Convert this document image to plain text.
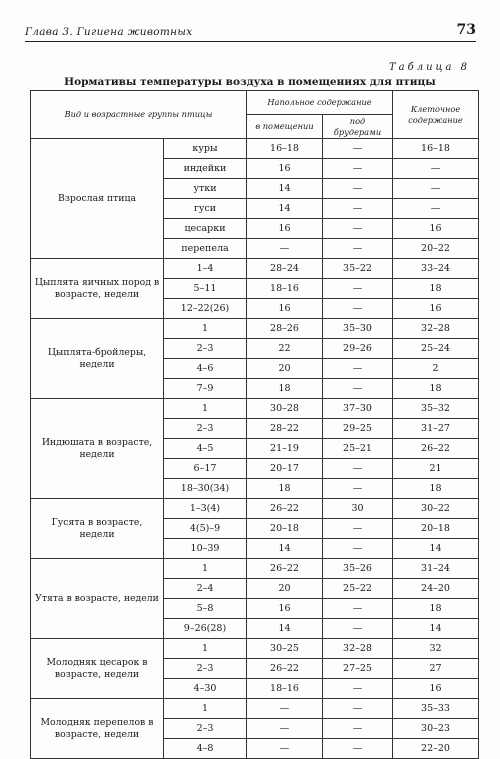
Глава 3. Гигиена животных	73
Таблица 8
Нормативы температуры воздуха в помещениях для птицы
Вид и возрастные группы птицы		Напольное содержание		Клеточное содержание
		в помещении	под брудерами	
Взрослая птица	куры	16–18	—	16–18
	индейки	16	—	—
	утки	14	—	—
	гуси	14	—	—
	цесарки	16	—	16
	перепела	—	—	20–22
Цыплята яичных пород в возрасте, недели	1–4	28–24	35–22	33–24
	5–11	18–16	—	18
	12–22(26)	16	—	16
Цыплята-бройлеры, недели	1	28–26	35–30	32–28
	2–3	22	29–26	25–24
	4–6	20	—	2
	7–9	18	—	18
Индюшата в возрасте, недели	1	30–28	37–30	35–32
	2–3	28–22	29–25	31–27
	4–5	21–19	25–21	26–22
	6–17	20–17	—	21
	18–30(34)	18	—	18
Гусята в возрасте, недели	1–3(4)	26–22	30	30–22
	4(5)–9	20–18	—	20–18
	10–39	14	—	14
Утята в возрасте, недели	1	26–22	35–26	31–24
	2–4	20	25–22	24–20
	5–8	16	—	18
	9–26(28)	14	—	14
Молодняк цесарок в возрасте, недели	1	30–25	32–28	32
	2–3	26–22	27–25	27
	4–30	18–16	—	16
Молодняк перепелов в возрасте, недели	1	—	—	35–33
	2–3	—	—	30–23
	4–8	—	—	22–20
